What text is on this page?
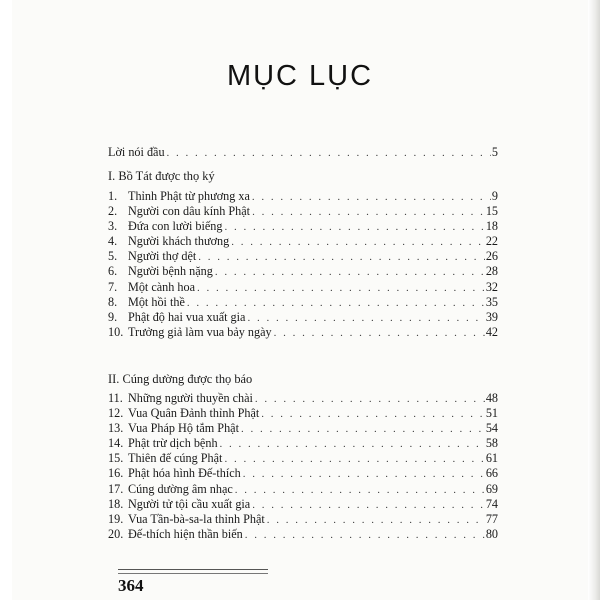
MỤC LỤC
Lời nói đầu . . .	5
I. Bồ Tát được thọ ký
1. Thỉnh Phật từ phương xa . . .	9
2. Người con dâu kính Phật . . .	15
3. Đứa con lười biếng . . .	18
4. Người khách thương . . .	22
5. Người thợ dệt . . .	26
6. Người bệnh nặng . . .	28
7. Một cành hoa . . .	32
8. Một hồi thề . . .	35
9. Phật độ hai vua xuất gia . . .	39
10. Trưởng giả làm vua bảy ngày . . .	42
II. Cúng dường được thọ báo
11. Những người thuyền chài . . .	48
12. Vua Quân Đảnh thỉnh Phật . . .	51
13. Vua Pháp Hộ tắm Phật . . .	54
14. Phật trừ dịch bệnh . . .	58
15. Thiên đế cúng Phật . . .	61
16. Phật hóa hình Đế-thích . . .	66
17. Cúng dường âm nhạc . . .	69
18. Người tử tội cầu xuất gia . . .	74
19. Vua Tần-bà-sa-la thỉnh Phật . . .	77
20. Đế-thích hiện thần biến . . .	80
364
